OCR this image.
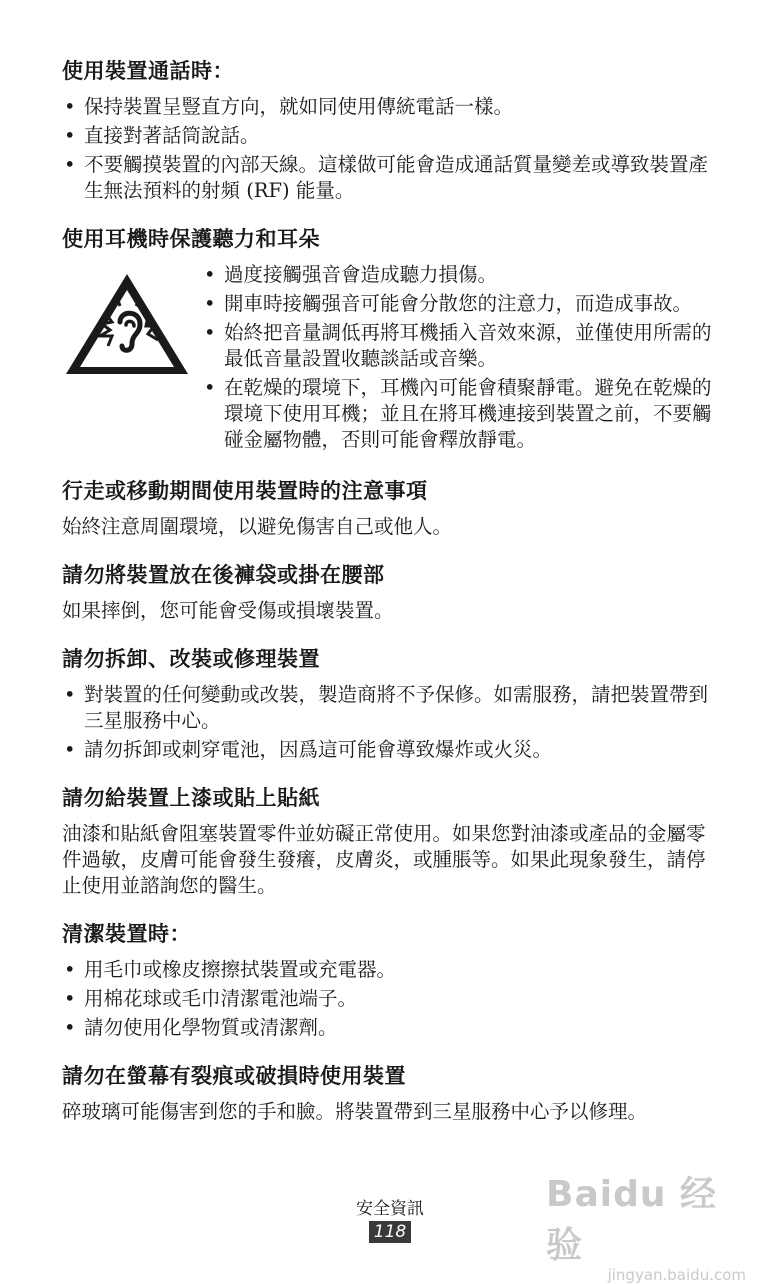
使用裝置通話時：
• 保持裝置呈豎直方向，就如同使用傳統電話一樣。
• 直接對著話筒說話。
• 不要觸摸裝置的內部天線。這樣做可能會造成通話質量變差或導致裝置產生無法預料的射頻 (RF) 能量。
使用耳機時保護聽力和耳朵
• 過度接觸强音會造成聽力損傷。
• 開車時接觸强音可能會分散您的注意力，而造成事故。
• 始終把音量調低再將耳機插入音效來源，並僅使用所需的最低音量設置收聽談話或音樂。
• 在乾燥的環境下，耳機內可能會積聚靜電。避免在乾燥的環境下使用耳機；並且在將耳機連接到裝置之前，不要觸碰金屬物體，否則可能會釋放靜電。
行走或移動期間使用裝置時的注意事項

始終注意周圍環境，以避免傷害自己或他人。

請勿將裝置放在後褲袋或掛在腰部

如果摔倒，您可能會受傷或損壞裝置。

請勿拆卸、改裝或修理裝置
• 對裝置的任何變動或改裝，製造商將不予保修。如需服務，請把裝置帶到三星服務中心。
• 請勿拆卸或刺穿電池，因爲這可能會導致爆炸或火災。
請勿給裝置上漆或貼上貼紙

油漆和貼紙會阻塞裝置零件並妨礙正常使用。如果您對油漆或產品的金屬零件過敏，皮膚可能會發生發癢，皮膚炎，或腫脹等。如果此現象發生，請停止使用並諮詢您的醫生。

清潔裝置時：
• 用毛巾或橡皮擦擦拭裝置或充電器。
• 用棉花球或毛巾清潔電池端子。
• 請勿使用化學物質或清潔劑。
請勿在螢幕有裂痕或破損時使用裝置

碎玻璃可能傷害到您的手和臉。將裝置帶到三星服務中心予以修理。

安全資訊
118
Baidu 经验
jingyan.baidu.com
